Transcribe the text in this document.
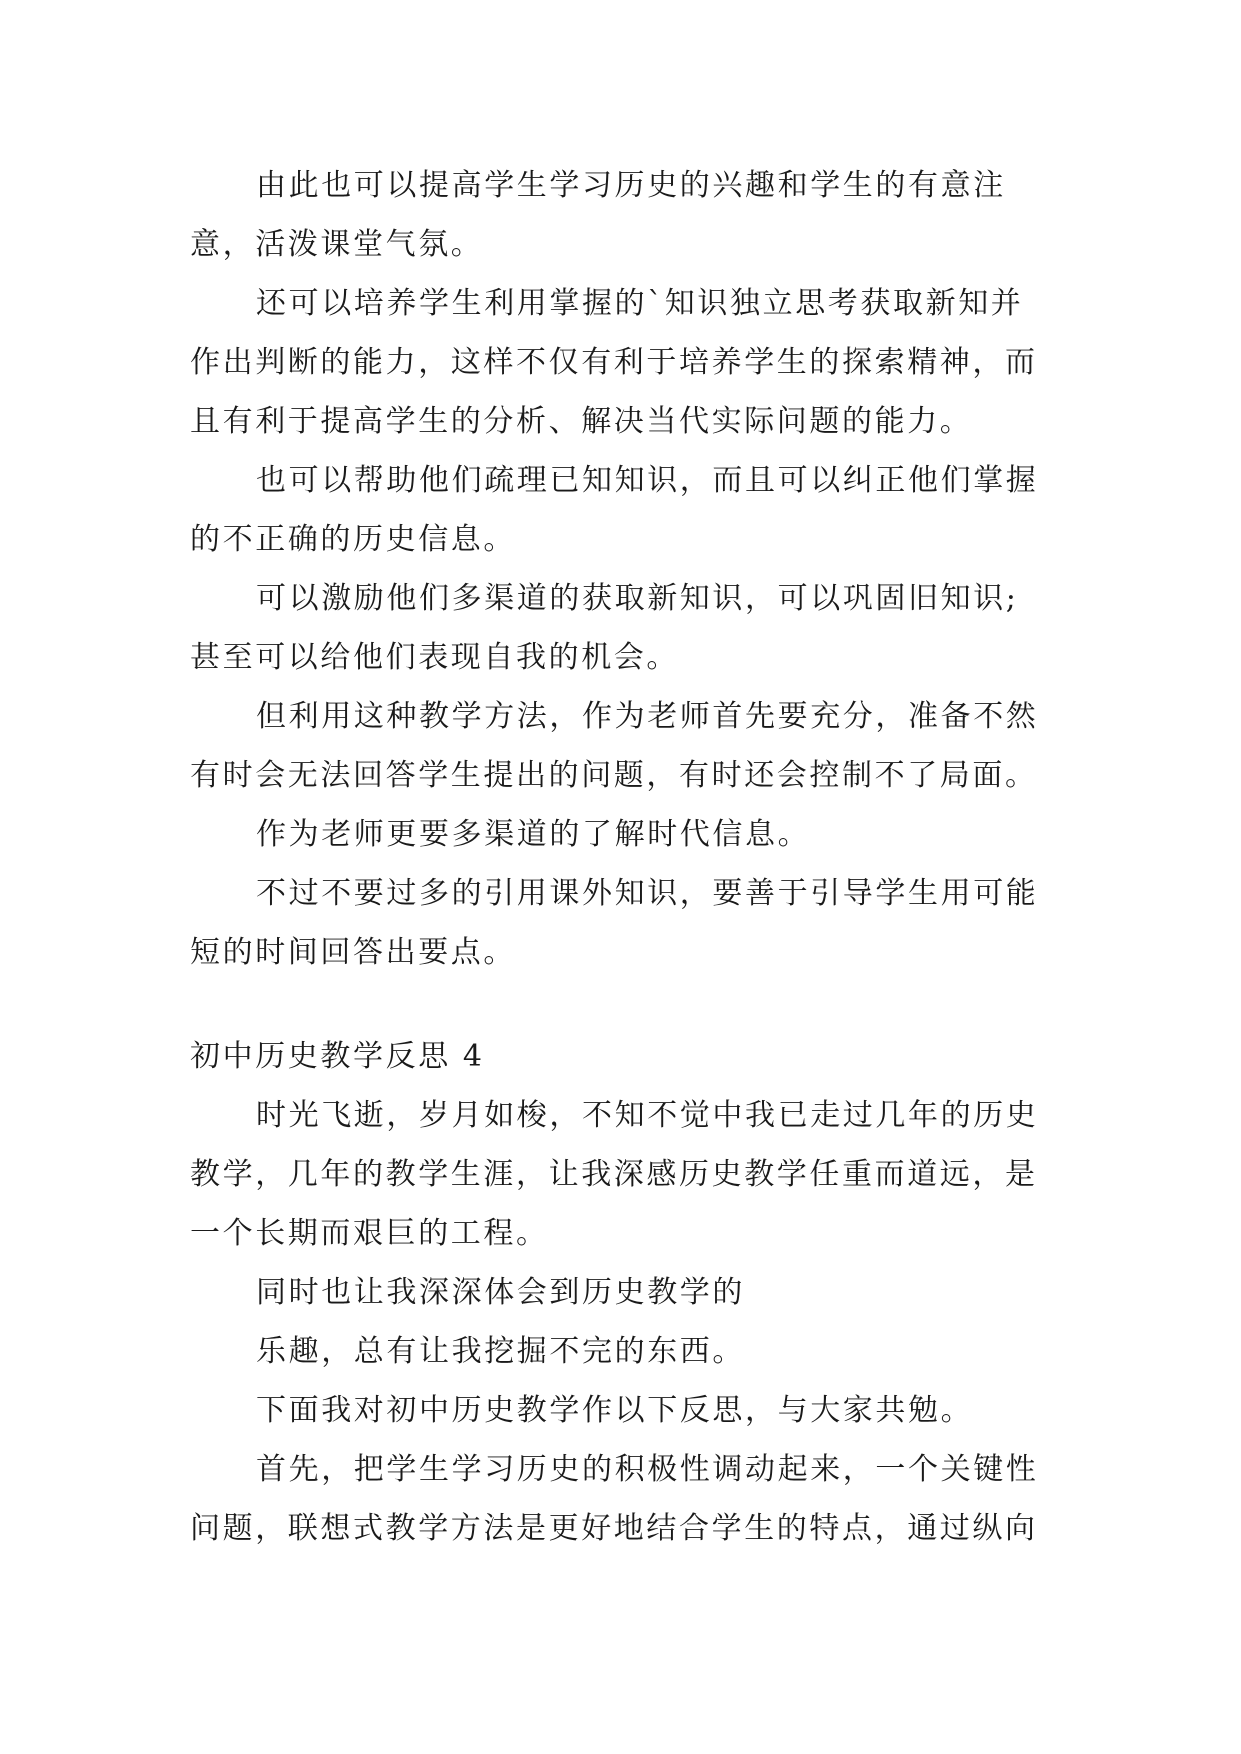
由此也可以提高学生学习历史的兴趣和学生的有意注
意，活泼课堂气氛。
还可以培养学生利用掌握的`知识独立思考获取新知并
作出判断的能力，这样不仅有利于培养学生的探索精神，而
且有利于提高学生的分析、解决当代实际问题的能力。
也可以帮助他们疏理已知知识，而且可以纠正他们掌握
的不正确的历史信息。
可以激励他们多渠道的获取新知识，可以巩固旧知识;
甚至可以给他们表现自我的机会。
但利用这种教学方法，作为老师首先要充分，准备不然
有时会无法回答学生提出的问题，有时还会控制不了局面。
作为老师更要多渠道的了解时代信息。
不过不要过多的引用课外知识，要善于引导学生用可能
短的时间回答出要点。
初中历史教学反思 4
时光飞逝，岁月如梭，不知不觉中我已走过几年的历史
教学，几年的教学生涯，让我深感历史教学任重而道远，是
一个长期而艰巨的工程。
同时也让我深深体会到历史教学的
乐趣，总有让我挖掘不完的东西。
下面我对初中历史教学作以下反思，与大家共勉。
首先，把学生学习历史的积极性调动起来，一个关键性
问题，联想式教学方法是更好地结合学生的特点，通过纵向
